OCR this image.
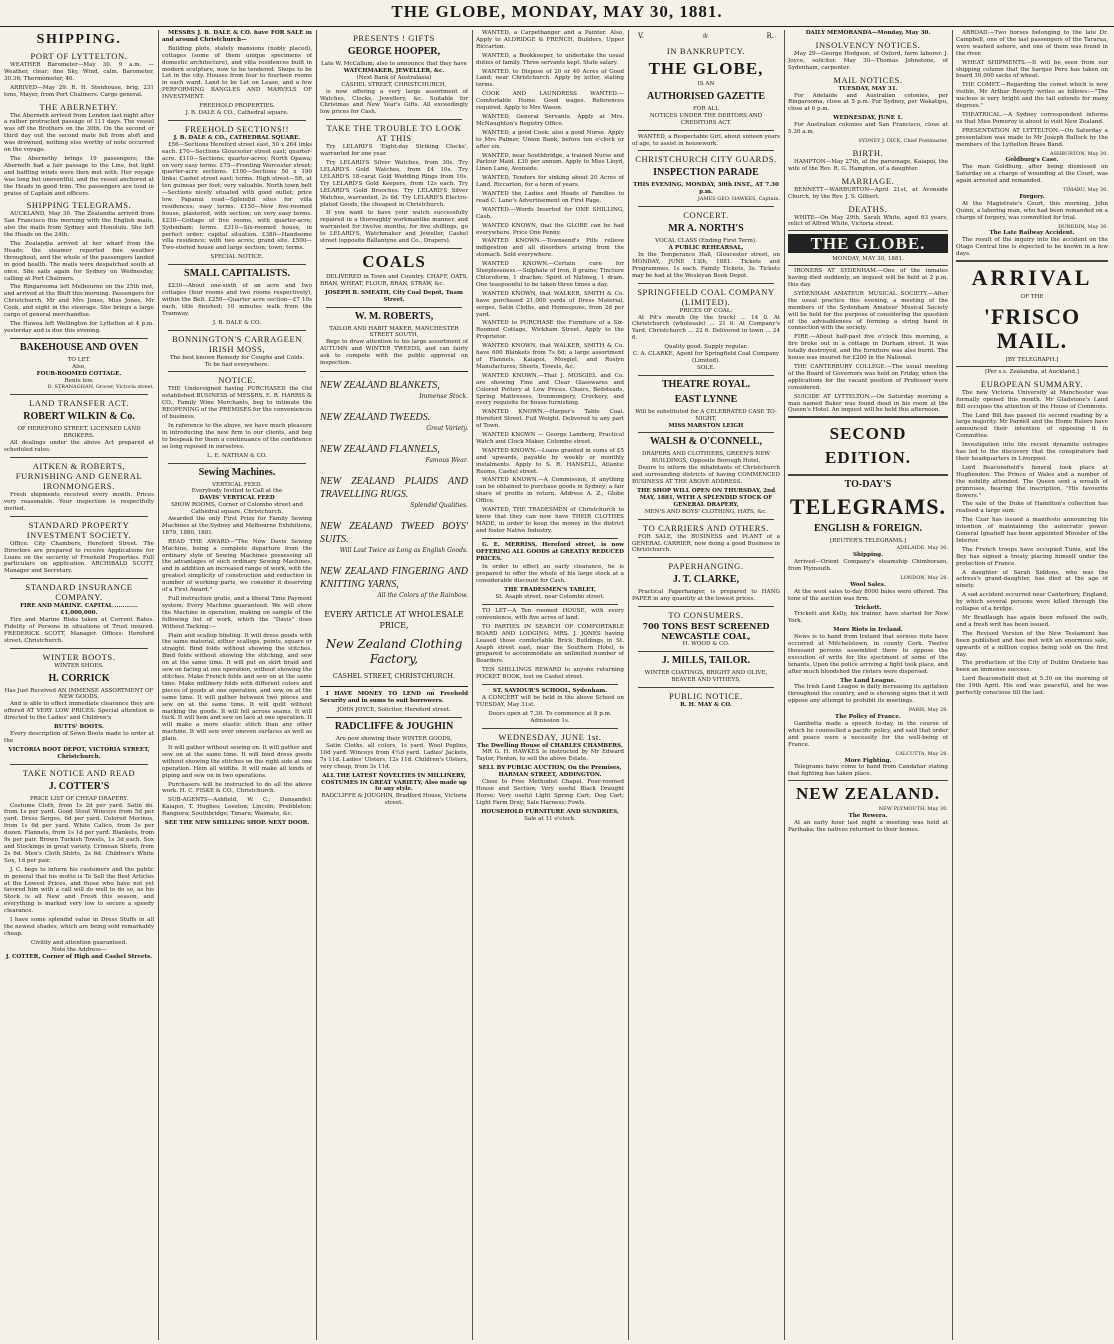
THE GLOBE, MONDAY, MAY 30, 1881.
SHIPPING.
PORT OF LYTTELTON.

WEATHER Barometer—May 30. 9 a.m. — Weather, clear; fine Sky, Wind, calm. Barometer, 30.36; Thermometer, 46.

ARRIVED—May 29. R. H. Stenhouse, brig, 231 tons, Mayer, from Port Chalmers. Cargo general.

THE ABERNETHY.

The Aberneth arrived from London last night after a rather protracted passage of 111 days. The vessel was off the Brothers on the 30th. On the second or third day out the second mate fell from aloft and was drowned, nothing else worthy of note occurred on the voyage.

The Abernethy brings 19 passengers; the Aberneth had a fair passage to the Line, but light and baffling winds were then met with. Her voyage was long but uneventful, and the vessel anchored at the Heads in good trim. The passengers are loud in praise of Captain and officers.

SHIPPING TELEGRAMS.

AUCKLAND, May 30. The Zealandia arrived from San Francisco this morning with the English mails, also the mails from Sydney and Honolulu. She left the Heads on the 24th.

The Zealandia arrived at her wharf from the Heads; the steamer reported fine weather throughout, and the whole of the passengers landed in good health. The mails were despatched south at once. She sails again for Sydney on Wednesday, calling at Port Chalmers.

The Ringarooma left Melbourne on the 25th inst, and arrived at the Bluff this morning. Passengers for Christchurch, Mr and Mrs Jones, Miss Jones, Mr Cook, and eight in the steerage. She brings a large cargo of general merchandise.

The Hawea left Wellington for Lyttelton at 4 p.m. yesterday and is due this evening.

BAKEHOUSE AND OVEN
TO LET.
Also,
FOUR-ROOMED COTTAGE.
Rents low.
D. STRANAGHAN, Grocer, Victoria street.
LAND TRANSFER ACT.
ROBERT WILKIN & Co.
OF HEREFORD STREET, LICENSED LAND BROKERS.

All dealings under the above Act prepared at scheduled rates.

AITKEN & ROBERTS, FURNISHING AND GENERAL IRONMONGERS.

Fresh shipments received every month. Prices very reasonable. Your inspection is respectfully invited.

STANDARD PROPERTY INVESTMENT SOCIETY.

Office: City Chambers, Hereford Street. The Directors are prepared to receive Applications for Loans on the security of Freehold Properties. Full particulars on application. ARCHIBALD SCOTT, Manager and Secretary.

STANDARD INSURANCE COMPANY.
FIRE AND MARINE. CAPITAL ............ £1,000,000.

Fire and Marine Risks taken at Current Rates. Fidelity of Persons in situations of Trust insured. FREDERICK SCOTT, Manager. Offices: Hereford street, Christchurch.

WINTER BOOTS.
WINTER SHOES.
H. CORRICK
Has Just Received AN IMMENSE ASSORTMENT OF NEW GOODS,

And is able to effect immediate clearance they are offered AT VERY LOW PRICES. Special attention is directed to the Ladies' and Children's

BUTTS' BOOTS.

Every description of Sewn Boots made to order at the

VICTORIA BOOT DEPOT, VICTORIA STREET, Christchurch.
TAKE NOTICE AND READ
J. COTTER'S
PRICE LIST OF CHEAP DRAPERY.

Costume Cloth, from 1s 2d per yard. Satin do. from 1s per yard. Good Stout Winceys from 5d per yard. Dress Serges, 6d per yard. Colored Merinos, from 1s 6d per yard. White Calico, from 3s per dozen. Flannels, from 1s 1d per yard. Blankets, from 9s per pair. Brown Turkish Towels, 1s 3d each. Sox and Stockings in great variety. Crimean Shirts, from 2s 6d. Men's Cloth Shirts, 2s 6d. Children's White Sox, 1d per pair.

J. C. begs to inform his customers and the public in general that his motto is To Sell the Best Articles at the Lowest Prices, and those who have not yet favored him with a call will do well to do so, as his Stock is all New and Fresh this season, and everything is marked very low to secure a speedy clearance.

I have some splendid value in Dress Stuffs in all the newest shades, which are being sold remarkably cheap.

Civility and attention guaranteed.
Note the Address—
J. COTTER, Corner of High and Cashel Streets.

MESSRS J. B. DALE & CO. have FOR SALE in and around Christchurch—

Building plots, stately mansions (nobly placed), cottages (some of them unique specimens of domestic architecture), and villa residences built in modern sculpture, now to be tendered. Shops to be Let in the city. Houses from four to fourteen rooms in each ward. Land to be Let on Lease, and a few PERFORMING BANGLES AND MARVELS OF INVESTMENT.

FREEHOLD PROPERTIES.
J. B. DALE & CO., Cathedral square.
FREEHOLD SECTIONS!!
J. B. DALE & CO., CATHEDRAL SQUARE.

£56—Sections Hereford street east, 50 x 264 links each. £70—Sections Gloucester street east; quarter-acre. £110—Sections; quarter-acres; North Opawa; on very easy terms. £75—Fronting Worcester street; quarter-acre sections. £100—Sections 50 x 190 links; Cashel street east; terms. High street—5ft, at ten guineas per foot; very valuable. North town belt—Sections nicely situated with good outlet; price low. Papanui road—Splendid sites for villa residences; easy terms. £150—New five-roomed house, plastered, with section; on very easy terms. £230—Cottage of five rooms, with quarter-acre; Sydenham; terms. £310—Six-roomed house, in perfect order; capital situation. £380—Handsome villa residence; with two acres; grand site. £500—Two-storied house and large section; town; terms.

SPECIAL NOTICE.
SMALL CAPITALISTS.

£230—About one-sixth of an acre and two cottages (four rooms and two rooms respectively), within the Belt. £250—Quarter acre section—£7 10s each, title finished; 10 minutes walk from the Tramway.

J. B. DALE & CO.
BONNINGTON'S CARRAGEEN IRISH MOSS,
The best known Remedy for Coughs and Colds.
To be had everywhere.
NOTICE.

THE Undersigned having PURCHASED the Old established BUSINESS of MESSRS. E. R. HARRIS & CO., Family Wine Merchants, beg to intimate the REOPENING of the PREMISES for the conveniences of business.

In reference to the above, we have much pleasure in introducing the new firm to our clients, and beg to bespeak for them a continuance of the confidence so long reposed in ourselves.

L. E. NATHAN & CO.
Sewing Machines.
VERTICAL FEED.
Everybody Invited to Call at the
DAVIS' VERTICAL FEED
SHOW ROOMS, Corner of Colombo street and Cathedral square, Christchurch.

Awarded the only First Prize for Family Sewing Machines at the Sydney and Melbourne Exhibitions, 1879, 1880, 1881.

READ THE AWARD—"The New Davis Sewing Machine, being a complete departure from the ordinary style of Sewing Machines possessing all the advantages of such ordinary Sewing Machines, and in addition an increased range of work, with the greatest simplicity of construction and reduction in number of working parts, we consider it deserving of a First Award."

Full instruction gratis, and a liberal Time Payment system. Every Machine guaranteed. We will show the Machine in operation, making on sample of the following list of work, which the "Davis" does Without Tacking:—

Plain and scallop binding. It will dress goods with the same material, either scallops, points, square or straight. Bind folds without showing the stitches. Bind folds without showing the stitching, and sew on at the same time. It will put on skirt braid and sew on facing at one operation, without showing the stitches. Make French folds and sew on at the same time. Make millinery folds with different colors and pieces of goods at one operation, and sew on at the same time. It will gather between two pieces and sew on at the same time. It will quilt without marking the goods. It will fell across seams. It will tuck. It will hem and sew on lace at one operation. It will make a more elastic stitch than any other machine. It will sew over uneven surfaces as well as plain.

It will gather without sewing on. It will gather and sew on at the same time. It will bind dress goods without showing the stitches on the right side at one operation. Hem all widths. It will make all kinds of piping and sew on in two operations.

Purchasers will be instructed to do all the above work. H. C. FISKE & CO., Christchurch.

SUB-AGENTS—Ashfield, W. C.; Dunsandel; Kaiapoi, T. Hughes; Leeston; Lincoln; Prebbleton; Rangiora; Southbridge; Timaru; Waimate, &c.

SEE THE NEW SHILLING SHOP. NEXT DOOR.
PRESENTS ! GIFTS
GEORGE HOOPER,
Late W. McCallum; also to announce that they have
WATCHMAKER, JEWELLER, &c.
(Next Bank of Australasia)
CASHEL STREET, CHRISTCHURCH,

is now offering a very large assortment of Watches, Clocks, Jewellery, &c. Suitable for Christmas and New Year's Gifts. All exceedingly low prices for Cash.

TAKE THE TROUBLE TO LOOK AT THIS

Try LELARD'S 'Eight-day Striking Clocks', warranted for one year.

Try LELARD'S Silver Watches, from 30s. Try LELARD'S Gold Watches, from £4 10s. Try LELARD'S 18-carat Gold Wedding Rings from 10s. Try LELARD'S Gold Keepers, from 12s each. Try LELARD'S Gold Brooches. Try LELARD'S Silver Watches, warranted, 2s 6d. Try LELARD'S Electro-plated Goods, the cheapest in Christchurch.

If you want to have your watch successfully repaired in a thoroughly workmanlike manner, and warranted for twelve months, for five shillings, go to LELARD'S, Watchmaker and Jeweller, Cashel street (opposite Ballantyne and Co., Drapers).

COALS

DELIVERED in Town and Country. CHAFF, OATS, BRAN, WHEAT, FLOUR, BRAN, STRAW, &c.

JOSEPH B. SMEATH, City Coal Depot, Tuam Street.
W. M. ROBERTS,
TAILOR AND HABIT MAKER, MANCHESTER STREET SOUTH,

Begs to draw attention to his large assortment of AUTUMN and WINTER TWEEDS, and can fairly ask to compete with the public approval on inspection.

NEW ZEALAND BLANKETS,
Immense Stock.
NEW ZEALAND TWEEDS.
Great Variety.
NEW ZEALAND FLANNELS,
Famous Wear.
NEW ZEALAND PLAIDS AND TRAVELLING RUGS.
Splendid Qualities.
NEW ZEALAND TWEED BOYS' SUITS.
Will Last Twice as Long as English Goods.
NEW ZEALAND FINGERING AND KNITTING YARNS,
All the Colors of the Rainbow.
EVERY ARTICLE AT WHOLESALE PRICE,
New Zealand Clothing Factory,
CASHEL STREET, CHRISTCHURCH.

I HAVE MONEY TO LEND on Freehold Security and in sums to suit borrowers.

JOHN JOYCE, Solicitor, Hereford street.
RADCLIFFE & JOUGHIN
Are now showing their WINTER GOODS,

Satin Cloths, all colors, 1s yard. Wool Poplins, 10d yard. Winceys from 4½d yard. Ladies' Jackets, 7s 11d. Ladies' Ulsters, 12s 11d. Children's Ulsters, very cheap, from 3s 11d.

ALL THE LATEST NOVELTIES IN MILLINERY, COSTUMES IN GREAT VARIETY, Also made up to any style.
RADCLIFFE & JOUGHIN, Bradford House, Victoria street.

WANTED, a Carpetbanger and a Painter. Also, Apply to ALDRIDGE & FRENCH, Builders, Upper Riccarton.

WANTED, a Bookkeeper, to undertake the usual duties of family. Three servants kept. State salary.

WANTED, to Dispose of 20 or 40 Acres of Good Land; near Christchurch. Apply by letter, stating terms.

COOK AND LAUNDRESS WANTED.—Comfortable Home. Good wages. References required. Apply to Mrs Wason.

WANTED, General Servants. Apply at Mrs. McNaughton's Registry Office.

WANTED, a good Cook; also a good Nurse. Apply to Mrs Palmer, Union Bank, before ten o'clock or after six.

WANTED, near Southbridge, a trained Nurse and Parlour Maid. £30 per annum. Apply to Miss Lloyd, Linen Lane, Avonside.

WANTED, Tenders for sinking about 20 Acres of Land, Riccarton, for a term of years.

WANTED the Ladies and Heads of Families to read C. Lane's Advertisement on First Page.

WANTED.—Words Inserted for ONE SHILLING, Cash.

WANTED KNOWN, that the GLOBE can be had everywhere. Price One Penny.

WANTED KNOWN.—Townsend's Pills relieve indigestion and all disorders arising from the stomach. Sold everywhere.

WANTED KNOWN.—Certain cure for Sleeplessness.—Sulphate of Iron, 8 grains; Tincture Chloroform, 1 drachm; Spirit of Nutmeg, 1 dram. One teaspoonful to be taken three times a day.

WANTED KNOWN, that WALKER, SMITH & Co. have purchased 21,000 yards of Dress Material, serges, Satin Cloths, and Homespuns, from 2d per yard.

WANTED to PURCHASE the Furniture of a Six-Roomed Cottage, Wickham Street. Apply to the Proprietor.

WANTED KNOWN, that WALKER, SMITH & Co. have 600 Blankets from 7s 6d; a large assortment of Flannels, Kaiapoi, Mosgiel, and Roslyn Manufactures; Sheets, Towels, &c.

WANTED KNOWN.—That J. MOSGIEL and Co. are showing Fine and Clear Glasswares and Colored Pottery at Low Prices. Chairs, Bedsteads, Spring Mattresses, Ironmongery, Crockery, and every requisite for house furnishing.

WANTED KNOWN.—Harper's Table Coal. Hereford Street. Full Weight. Delivered to any part of Town.

WANTED KNOWN — George Lamberg, Practical Watch and Clock Maker, Colombo street.

WANTED KNOWN.—Loans granted in sums of £5 and upwards, payable by weekly or monthly instalments. Apply to S. R. HANSELL, Atlantic Rooms, Cashel street.

WANTED KNOWN.—A Commission, if anything can be obtained to purchase goods in Sydney; a fair share of profits in return. Address A. Z., Globe Office.

WANTED, THE TRADESMEN of Christchurch to know that they can now have THEIR CLOTHES MADE, in order to keep the money in the district and foster Native Industry.

G. E. MERRISS, Hereford street, is now OFFERING ALL GOODS at GREATLY REDUCED PRICES.

In order to effect an early clearance, he is prepared to offer the whole of his large stock at a considerable discount for Cash.

THE TRADESMEN'S TABLET,
St. Asaph street, near Colombo street.

TO LET—A Ten roomed HOUSE, with every convenience, with five acres of land.

TO PARTIES IN SEARCH OF COMFORTABLE BOARD AND LODGING. MRS. J. JONES having Leased those comfortable Brick Buildings in St. Asaph street east, near the Southern Hotel, is prepared to accommodate an unlimited number of Boarders.

TEN SHILLINGS REWARD to anyone returning POCKET BOOK, lost on Cashel street.

ST. SAVIOUR'S SCHOOL, Sydenham.

A CONCERT will be held in the above School on TUESDAY, May 31st.

Doors open at 7.30. To commence at 8 p.m. Admission 1s.
WEDNESDAY, JUNE 1st.
The Dwelling House of CHARLES CHAMBERS.

MR G. H. HAWKES is instructed by Mr Edward Taylor, Fenton, to sell the above Estate.

SELL BY PUBLIC AUCTION, On the Premises, HARMAN STREET, ADDINGTON.

Close to Free Methodist Chapel. Four-roomed House and Section; Very useful Black Draught Horse; Very useful Light Spring Cart; Dog Cart; Light Farm Dray; Sale Harness; Fowls.

HOUSEHOLD FURNITURE AND SUNDRIES,
Sale at 11 o'clock.
V.	♔	R.
IN BANKRUPTCY.
THE GLOBE,
IS AN
AUTHORISED GAZETTE
FOR ALL
NOTICES UNDER THE DEBTORS AND CREDITORS ACT.

WANTED, a Respectable Girl, about sixteen years of age, to assist in housework.

CHRISTCHURCH CITY GUARDS.
INSPECTION PARADE
THIS EVENING, MONDAY, 30th INST., AT 7.30 p.m.
JAMES GEO. HAWKES, Captain.
CONCERT.
MR A. NORTH'S
VOCAL CLASS (Ending First Term).
A PUBLIC REHEARSAL,

In the Temperance Hall, Gloucester street, on MONDAY, JUNE 13th, 1881. Tickets and Programmes, 1s each. Family Tickets, 3s. Tickets may be had at the Wesleyan Book Depot.

SPRINGFIELD COAL COMPANY (LIMITED).
PRICES OF COAL:

At Pit's mouth (by the truck) ... 14 0. At Christchurch (wholesale) ... 21 0. At Company's Yard, Christchurch ... 22 6. Delivered in town ... 24 6.

Quality good. Supply regular.
C. A. CLARKE, Agent for Springfield Coal Company (Limited).
SOLE.
THEATRE ROYAL.
EAST LYNNE
Will be substituted for A CELEBRATED CASE TO-NIGHT,
MISS MARSTON LEIGH
WALSH & O'CONNELL,
DRAPERS AND CLOTHIERS, GREEN'S NEW BUILDINGS, Opposite Borough Hotel,

Desire to inform the inhabitants of Christchurch and surrounding districts of having COMMENCED BUSINESS AT THE ABOVE ADDRESS.

THE SHOP WILL OPEN ON THURSDAY, 2nd MAY, 1881, WITH A SPLENDID STOCK OF GENERAL DRAPERY,
MEN'S AND BOYS' CLOTHING, HATS, &c.
TO CARRIERS AND OTHERS.

FOR SALE, the BUSINESS and PLANT of a GENERAL CARRIER, now doing a good Business in Christchurch.

PAPERHANGING.
J. T. CLARKE,

Practical Paperhanger, is prepared to HANG PAPER in any quantity at the lowest prices.

TO CONSUMERS.
700 TONS BEST SCREENED NEWCASTLE COAL,
H. WOOD & CO.
J. MILLS, TAILOR.
WINTER COATINGS, BRIGHT AND OLIVE, BEAVER AND VITHEYS,
PUBLIC NOTICE.
R. H. MAY & CO.
DAILY MEMORANDA—Monday, May 30.
INSOLVENCY NOTICES.

May 29—George Hodgson, of Oxford, farm laborer. J. Joyce, solicitor. May 30—Thomas Johnstone, of Sydenham, carpenter.

MAIL NOTICES.
TUESDAY, MAY 31.

For Adelaide and Australian colonies, per Ringarooma, close at 5 p.m. For Sydney, per Wakatipu, close at 6 p.m.

WEDNESDAY, JUNE 1.

For Australian colonies and San Francisco, close at 5.30 a.m.

SYDNEY J. DICK, Chief Postmaster.
BIRTH.

HAMPTON—May 27th, at the parsonage, Kaiapoi, the wife of the Rev. R. G. Hampton, of a daughter.

MARRIAGE.

BENNETT—WARBURTON—April 21st, at Avonside Church, by the Rev. J. S. Gilbert.

DEATHS.

WHITE—On May 29th, Sarah White, aged 63 years, relict of Alfred White, Victoria street.

THE GLOBE.
MONDAY, MAY 30, 1881.

IRONERS AT SYDENHAM.—One of the inmates having died suddenly, an inquest will be held at 2 p.m. this day.

SYDENHAM AMATEUR MUSICAL SOCIETY.—After the usual practice this evening, a meeting of the members of the Sydenham Amateur Musical Society will be held for the purpose of considering the question of the advisableness of forming a string band in connection with the society.

FIRE.—About half-past five o'clock this morning, a fire broke out in a cottage in Durham street. It was totally destroyed, and the furniture was also burnt. The house was insured for £200 in the National.

THE CANTERBURY COLLEGE.—The usual meeting of the Board of Governors was held on Friday, when the applications for the vacant position of Professor were considered.

SUICIDE AT LYTTELTON.—On Saturday morning a man named Baker was found dead in his room at the Queen's Hotel. An inquest will be held this afternoon.

SECOND EDITION.
TO-DAY'S
TELEGRAMS.
ENGLISH & FOREIGN.
[REUTER'S TELEGRAMS.]
ADELAIDE, May 30.
Shipping.

Arrived—Orient Company's steamship Chimborazo, from Plymouth.

LONDON, May 28.
Wool Sales.

At the wool sales to-day 8000 bales were offered. The tone of the auction was firm.

Trickett.

Trickett and Kelly, his trainer, have started for New York.

More Riots in Ireland.

News is to hand from Ireland that serious riots have occurred at Mitchelstown, in county Cork. Twelve thousand persons assembled there to oppose the execution of writs for the ejectment of some of the tenants. Upon the police arriving a fight took place, and after much bloodshed the rioters were dispersed.

The Land League.

The Irish Land League is daily increasing its agitation throughout the country, and is showing signs that it will oppose any attempt to prohibit its meetings.

PARIS, May 28.
The Policy of France.

Gambetta made a speech to-day, in the course of which he counselled a pacific policy, and said that order and peace were a necessity for the well-being of France.

CALCUTTA, May 28.
More Fighting.

Telegrams have come to hand from Candahar stating that fighting has taken place.

NEW ZEALAND.
NEW PLYMOUTH, May 30.
The Rewera.

At an early hour last night a meeting was held at Parihaka; the natives returned to their homes.

ABROAD.—Two horses belonging to the late Dr. Campbell, one of the last passengers of the Tararua, were washed ashore, and one of them was found in the river.

WHEAT SHIPMENTS.—It will be seen from our shipping column that the barque Peru has taken on board 10,000 sacks of wheat.

THE COMET.—Regarding the comet which is now visible, Mr Arthur Beverly writes as follows:—"The nucleus is very bright and the tail extends for many degrees."

THEATRICAL.—A Sydney correspondent informs us that Miss Pomeroy is about to visit New Zealand.

PRESENTATION AT LYTTELTON.—On Saturday a presentation was made to Mr Joseph Bullock by the members of the Lyttelton Brass Band.

ASHBURTON, May 30.
Goldburg's Case.

The man Goldburg, after being dismissed on Saturday on a charge of wounding at the Court, was again arrested and remanded.

TIMARU, May 30.
Forgery.

At the Magistrate's Court, this morning, John Quinn, a laboring man, who had been remanded on a charge of forgery, was committed for trial.

DUNEDIN, May 30.
The Late Railway Accident.

The result of the inquiry into the accident on the Otago Central line is expected to be known in a few days.

ARRIVAL
OF THE
'FRISCO MAIL.
[BY TELEGRAPH.]
[Per s.s. Zealandia, at Auckland.]
EUROPEAN SUMMARY.

The new Victoria University at Manchester was formally opened this month. Mr Gladstone's Land Bill occupies the attention of the House of Commons.

The Land Bill has passed its second reading by a large majority. Mr Parnell and the Home Rulers have announced their intention of opposing it in Committee.

Investigation into the recent dynamite outrages has led to the discovery that the conspirators had their headquarters in Liverpool.

Lord Beaconsfield's funeral took place at Hughenden. The Prince of Wales and a number of the nobility attended. The Queen sent a wreath of primroses, bearing the inscription, "His favourite flowers."

The sale of the Duke of Hamilton's collection has realised a large sum.

The Czar has issued a manifesto announcing his intention of maintaining the autocratic power. General Ignatieff has been appointed Minister of the Interior.

The French troops have occupied Tunis, and the Bey has signed a treaty placing himself under the protection of France.

A daughter of Sarah Siddons, who was the actress's grand-daughter, has died at the age of ninety.

A sad accident occurred near Canterbury, England, by which several persons were killed through the collapse of a bridge.

Mr Bradlaugh has again been refused the oath, and a fresh writ has been issued.

The Revised Version of the New Testament has been published and has met with an enormous sale, upwards of a million copies being sold on the first day.

The production of the City of Dublin Oratorio has been an immense success.

Lord Beaconsfield died at 5.30 on the morning of the 19th April. His end was peaceful, and he was perfectly conscious till the last.
